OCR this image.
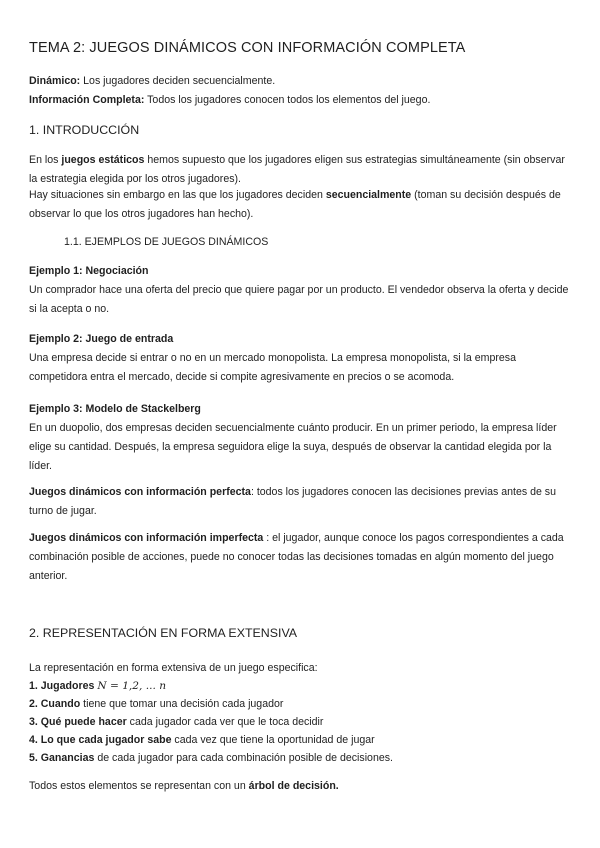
TEMA 2: JUEGOS DINÁMICOS CON INFORMACIÓN COMPLETA
Dinámico: Los jugadores deciden secuencialmente.
Información Completa: Todos los jugadores conocen todos los elementos del juego.
1. INTRODUCCIÓN
En los juegos estáticos hemos supuesto que los jugadores eligen sus estrategias simultáneamente (sin observar la estrategia elegida por los otros jugadores).
Hay situaciones sin embargo en las que los jugadores deciden secuencialmente (toman su decisión después de observar lo que los otros jugadores han hecho).
1.1. EJEMPLOS DE JUEGOS DINÁMICOS
Ejemplo 1: Negociación
Un comprador hace una oferta del precio que quiere pagar por un producto. El vendedor observa la oferta y decide si la acepta o no.
Ejemplo 2: Juego de entrada
Una empresa decide si entrar o no en un mercado monopolista. La empresa monopolista, si la empresa competidora entra el mercado, decide si compite agresivamente en precios o se acomoda.
Ejemplo 3: Modelo de Stackelberg
En un duopolio, dos empresas deciden secuencialmente cuánto producir. En un primer periodo, la empresa líder elige su cantidad. Después, la empresa seguidora elige la suya, después de observar la cantidad elegida por la líder.
Juegos dinámicos con información perfecta: todos los jugadores conocen las decisiones previas antes de su turno de jugar.
Juegos dinámicos con información imperfecta : el jugador, aunque conoce los pagos correspondientes a cada combinación posible de acciones, puede no conocer todas las decisiones tomadas en algún momento del juego anterior.
2. REPRESENTACIÓN EN FORMA EXTENSIVA
La representación en forma extensiva de un juego especifica:
1. Jugadores N = 1,2, ... n
2. Cuando tiene que tomar una decisión cada jugador
3. Qué puede hacer cada jugador cada ver que le toca decidir
4. Lo que cada jugador sabe cada vez que tiene la oportunidad de jugar
5. Ganancias de cada jugador para cada combinación posible de decisiones.
Todos estos elementos se representan con un árbol de decisión.
